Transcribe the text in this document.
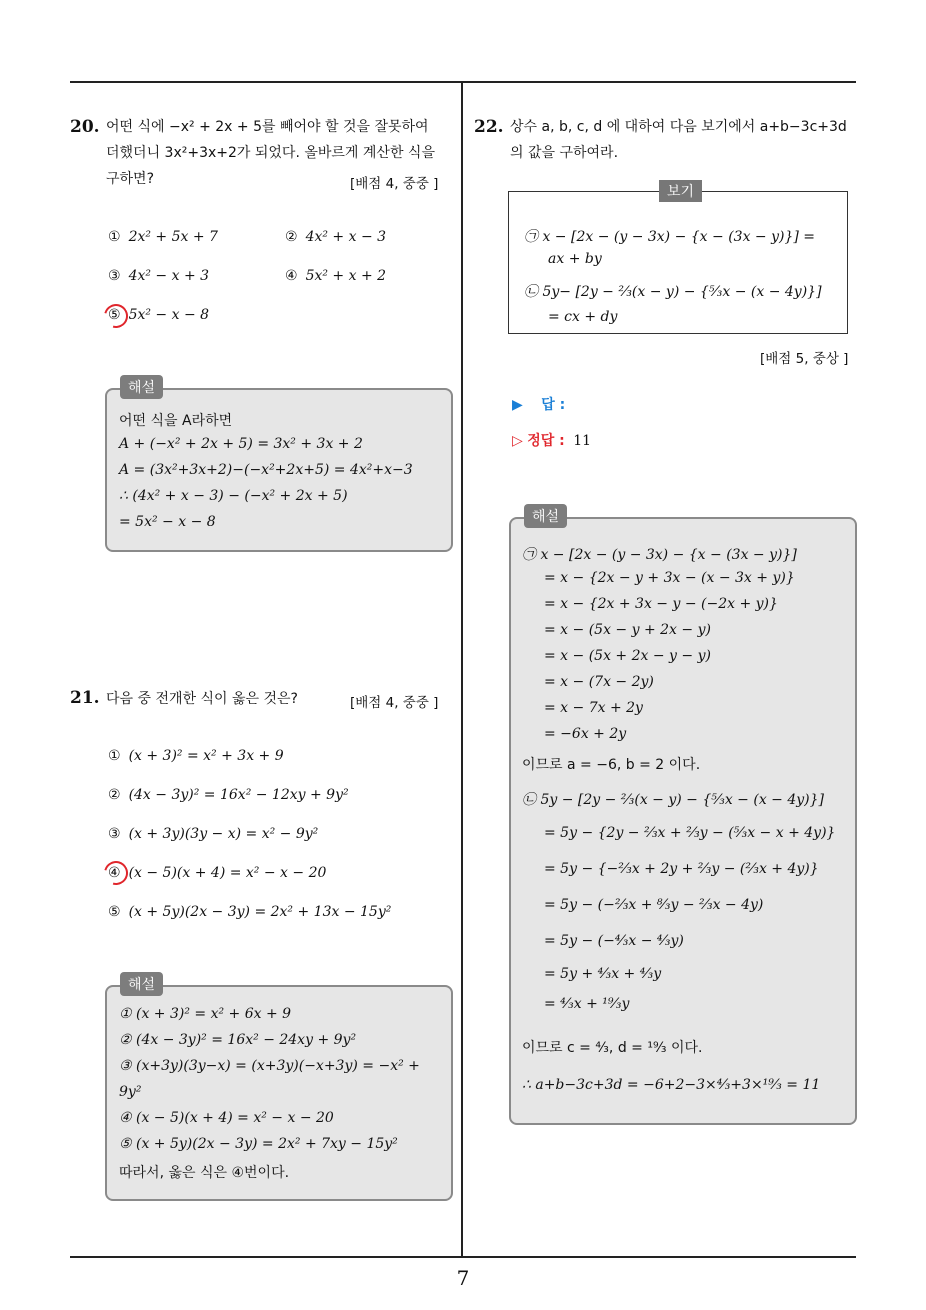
20. 어떤 식에 −x² + 2x + 5를 빼어야 할 것을 잘못하여
더했더니 3x²+3x+2가 되었다. 올바르게 계산한 식을
구하면?	[배점 4, 중중 ]
① 2x² + 5x + 7	② 4x² + x − 3
③ 4x² − x + 3	④ 5x² + x + 2
⑤ 5x² − x − 8
해설
어떤 식을 A라하면
A + (−x² + 2x + 5) = 3x² + 3x + 2
A = (3x²+3x+2)−(−x²+2x+5) = 4x²+x−3
∴ (4x² + x − 3) − (−x² + 2x + 5)
= 5x² − x − 8
21. 다음 중 전개한 식이 옳은 것은?	[배점 4, 중중 ]
① (x + 3)² = x² + 3x + 9
② (4x − 3y)² = 16x² − 12xy + 9y²
③ (x + 3y)(3y − x) = x² − 9y²
④ (x − 5)(x + 4) = x² − x − 20
⑤ (x + 5y)(2x − 3y) = 2x² + 13x − 15y²
해설
① (x + 3)² = x² + 6x + 9
② (4x − 3y)² = 16x² − 24xy + 9y²
③ (x+3y)(3y−x) = (x+3y)(−x+3y) = −x² +
9y²
④ (x − 5)(x + 4) = x² − x − 20
⑤ (x + 5y)(2x − 3y) = 2x² + 7xy − 15y²
따라서, 옳은 식은 ④번이다.
22. 상수 a, b, c, d 에 대하여 다음 보기에서 a+b−3c+3d
의 값을 구하여라.
보기
㉠ x − [2x − (y − 3x) − {x − (3x − y)}] =
ax + by
㉡ 5y− [2y − ⅔(x − y) − {⁵⁄₃x − (x − 4y)}]
= cx + dy
[배점 5, 중상 ]
▶ 답 :
▷ 정답 : 11
해설
㉠ x − [2x − (y − 3x) − {x − (3x − y)}]
= x − {2x − y + 3x − (x − 3x + y)}
= x − {2x + 3x − y − (−2x + y)}
= x − (5x − y + 2x − y)
= x − (5x + 2x − y − y)
= x − (7x − 2y)
= x − 7x + 2y
= −6x + 2y
이므로 a = −6, b = 2 이다.
㉡ 5y − [2y − ⅔(x − y) − {⁵⁄₃x − (x − 4y)}]
= 5y − {2y − ⅔x + ⅔y − (⁵⁄₃x − x + 4y)}
= 5y − {−⅔x + 2y + ⅔y − (⅔x + 4y)}
= 5y − (−⅔x + ⁸⁄₃y − ⅔x − 4y)
= 5y − (−⁴⁄₃x − ⁴⁄₃y)
= 5y + ⁴⁄₃x + ⁴⁄₃y
= ⁴⁄₃x + ¹⁹⁄₃y
이므로 c = ⁴⁄₃, d = ¹⁹⁄₃ 이다.
∴ a+b−3c+3d = −6+2−3×⁴⁄₃+3×¹⁹⁄₃ = 11
7
